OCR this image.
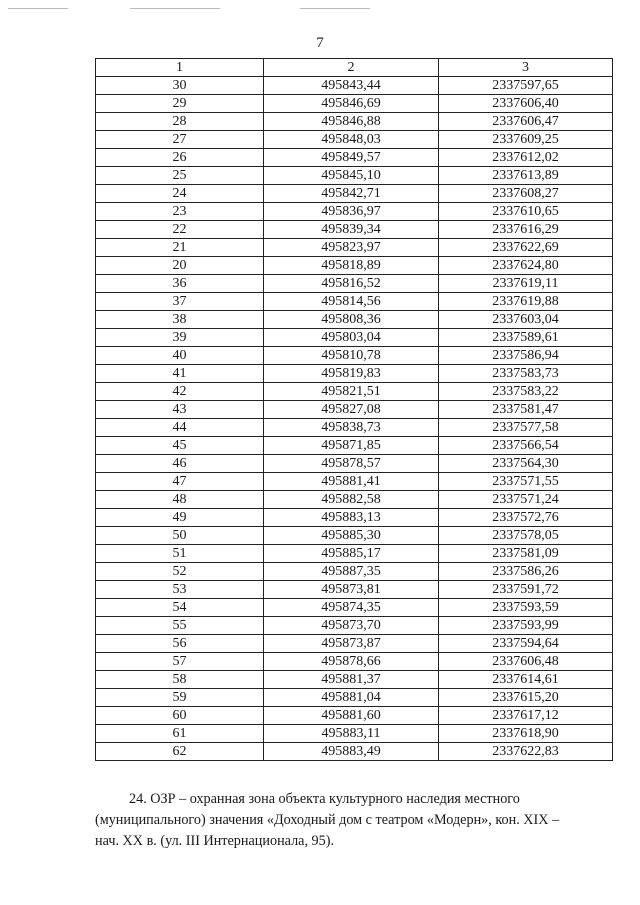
7
1	2	3
30	495843,44	2337597,65
29	495846,69	2337606,40
28	495846,88	2337606,47
27	495848,03	2337609,25
26	495849,57	2337612,02
25	495845,10	2337613,89
24	495842,71	2337608,27
23	495836,97	2337610,65
22	495839,34	2337616,29
21	495823,97	2337622,69
20	495818,89	2337624,80
36	495816,52	2337619,11
37	495814,56	2337619,88
38	495808,36	2337603,04
39	495803,04	2337589,61
40	495810,78	2337586,94
41	495819,83	2337583,73
42	495821,51	2337583,22
43	495827,08	2337581,47
44	495838,73	2337577,58
45	495871,85	2337566,54
46	495878,57	2337564,30
47	495881,41	2337571,55
48	495882,58	2337571,24
49	495883,13	2337572,76
50	495885,30	2337578,05
51	495885,17	2337581,09
52	495887,35	2337586,26
53	495873,81	2337591,72
54	495874,35	2337593,59
55	495873,70	2337593,99
56	495873,87	2337594,64
57	495878,66	2337606,48
58	495881,37	2337614,61
59	495881,04	2337615,20
60	495881,60	2337617,12
61	495883,11	2337618,90
62	495883,49	2337622,83
24. ОЗР – охранная зона объекта культурного наследия местного
(муниципального) значения «Доходный дом с театром «Модерн», кон. XIX –
нач. XX в. (ул. III Интернационала, 95).
